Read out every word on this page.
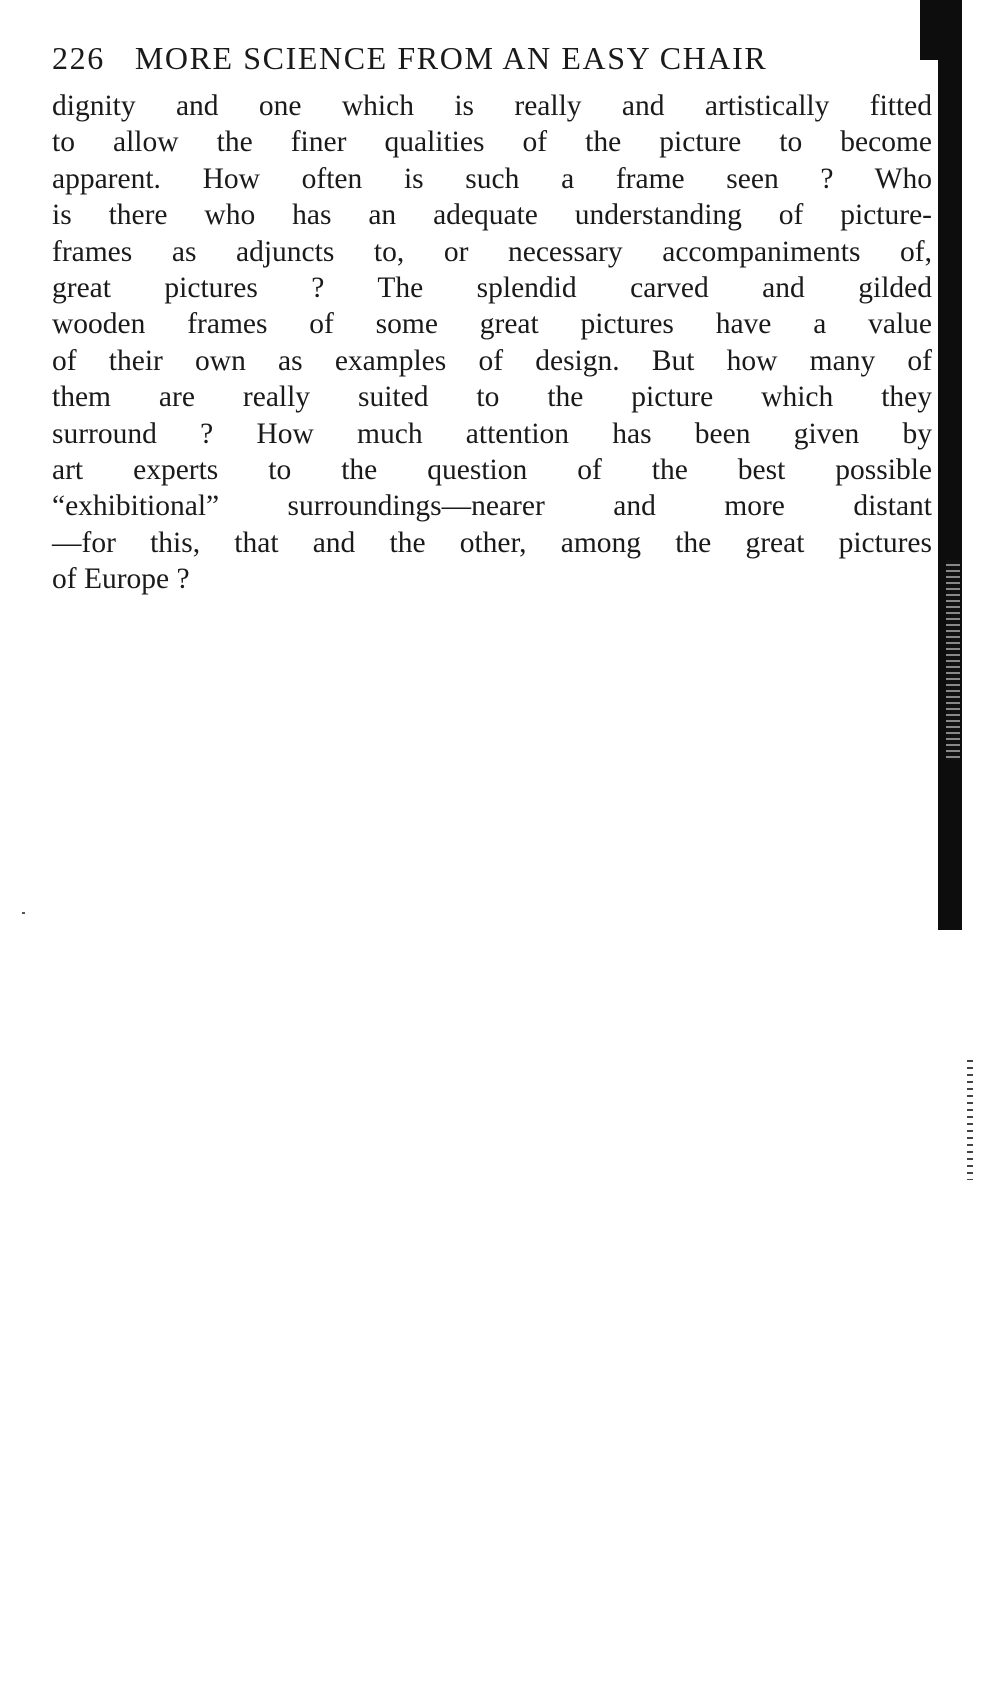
226 MORE SCIENCE FROM AN EASY CHAIR
dignity and one which is really and artistically fitted
to allow the finer qualities of the picture to become
apparent. How often is such a frame seen ? Who
is there who has an adequate understanding of picture-
frames as adjuncts to, or necessary accompaniments of,
great pictures ? The splendid carved and gilded
wooden frames of some great pictures have a value
of their own as examples of design. But how many of
them are really suited to the picture which they
surround ? How much attention has been given by
art experts to the question of the best possible
“exhibitional” surroundings—nearer and more distant
—for this, that and the other, among the great pictures
of Europe ?
